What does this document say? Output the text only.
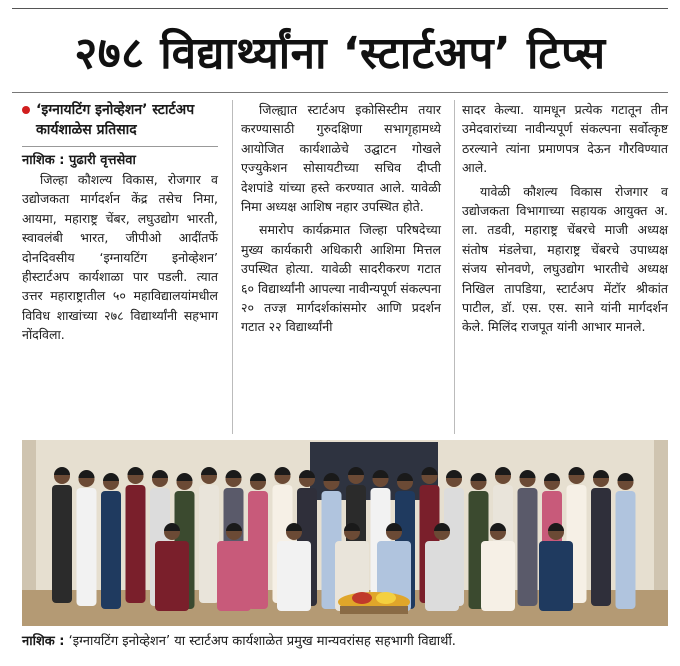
२७८ विद्यार्थ्यांना ‘स्टार्टअप’ टिप्स
‘इग्नायटिंग इनोव्हेशन’ स्टार्टअप कार्यशाळेस प्रतिसाद
नाशिक : पुढारी वृत्तसेवा

जिल्हा कौशल्य विकास, रोजगार व उद्योजकता मार्गदर्शन केंद्र तसेच निमा, आयमा, महाराष्ट्र चेंबर, लघुउद्योग भारती, स्वावलंबी भारत, जीपीओ आदींतर्फे दोनदिवसीय ‘इग्नायटिंग इनोव्हेशन’ हीस्टार्टअप कार्यशाळा पार पडली. त्यात उत्तर महाराष्ट्रातील ५० महाविद्यालयांमधील विविध शाखांच्या २७८ विद्यार्थ्यांनी सहभाग नोंदविला.

जिल्ह्यात स्टार्टअप इकोसिस्टीम तयार करण्यासाठी गुरुदक्षिणा सभागृहामध्ये आयोजित कार्यशाळेचे उद्घाटन गोखले एज्युकेशन सोसायटीच्या सचिव दीप्ती देशपांडे यांच्या हस्ते करण्यात आले. यावेळी निमा अध्यक्ष आशिष नहार उपस्थित होते.

समारोप कार्यक्रमात जिल्हा परिषदेच्या मुख्य कार्यकारी अधिकारी आशिमा मित्तल उपस्थित होत्या. यावेळी सादरीकरण गटात ६० विद्यार्थ्यांनी आपल्या नावीन्यपूर्ण संकल्पना २० तज्ज्ञ मार्गदर्शकांसमोर आणि प्रदर्शन गटात २२ विद्यार्थ्यांनी

सादर केल्या. यामधून प्रत्येक गटातून तीन उमेदवारांच्या नावीन्यपूर्ण संकल्पना सर्वोत्कृष्ट ठरल्याने त्यांना प्रमाणपत्र देऊन गौरविण्यात आले.

यावेळी कौशल्य विकास रोजगार व उद्योजकता विभागाच्या सहायक आयुक्त अ. ला. तडवी, महाराष्ट्र चेंबरचे माजी अध्यक्ष संतोष मंडलेचा, महाराष्ट्र चेंबरचे उपाध्यक्ष संजय सोनवणे, लघुउद्योग भारतीचे अध्यक्ष निखिल तापडिया, स्टार्टअप मेंटॉर श्रीकांत पाटील, डॉ. एस. एस. साने यांनी मार्गदर्शन केले. मिलिंद राजपूत यांनी आभार मानले.

नाशिक : ‘इग्नायटिंग इनोव्हेशन’ या स्टार्टअप कार्यशाळेत प्रमुख मान्यवरांसह सहभागी विद्यार्थी.
